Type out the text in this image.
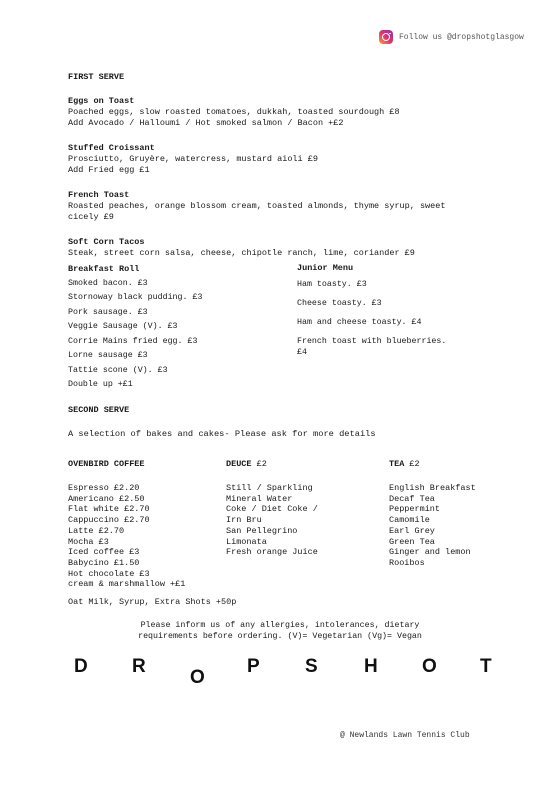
Follow us @dropshotglasgow
FIRST SERVE

Eggs on Toast

Poached eggs, slow roasted tomatoes, dukkah, toasted sourdough £8

Add Avocado / Halloumi / Hot smoked salmon / Bacon +£2

Stuffed Croissant

Prosciutto, Gruyère, watercress, mustard aioli £9

Add Fried egg £1

French Toast

Roasted peaches, orange blossom cream, toasted almonds, thyme syrup, sweet

cicely £9

Soft Corn Tacos

Steak, street corn salsa, cheese, chipotle ranch, lime, coriander £9

Breakfast Roll

Smoked bacon. £3

Stornoway black pudding. £3

Pork sausage. £3

Veggie Sausage (V). £3

Corrie Mains fried egg. £3

Lorne sausage £3

Tattie scone (V). £3

Double up +£1

Junior Menu

Ham toasty. £3

Cheese toasty. £3

Ham and cheese toasty. £4

French toast with blueberries.

£4

SECOND SERVE
A selection of bakes and cakes- Please ask for more details
OVENBIRD COFFEE

Espresso £2.20

Americano £2.50

Flat white £2.70

Cappuccino £2.70

Latte £2.70

Mocha £3

Iced coffee £3

Babycino £1.50

Hot chocolate £3

cream & marshmallow +£1

DEUCE £2

Still / Sparkling

Mineral Water

Coke / Diet Coke /

Irn Bru

San Pellegrino

Limonata

Fresh orange Juice

TEA £2

English Breakfast

Decaf Tea

Peppermint

Camomile

Earl Grey

Green Tea

Ginger and lemon

Rooibos

Oat Milk, Syrup, Extra Shots +50p
Please inform us of any allergies, intolerances, dietary
requirements before ordering. (V)= Vegetarian (Vg)= Vegan
D R
O
P S H O T
@ Newlands Lawn Tennis Club
